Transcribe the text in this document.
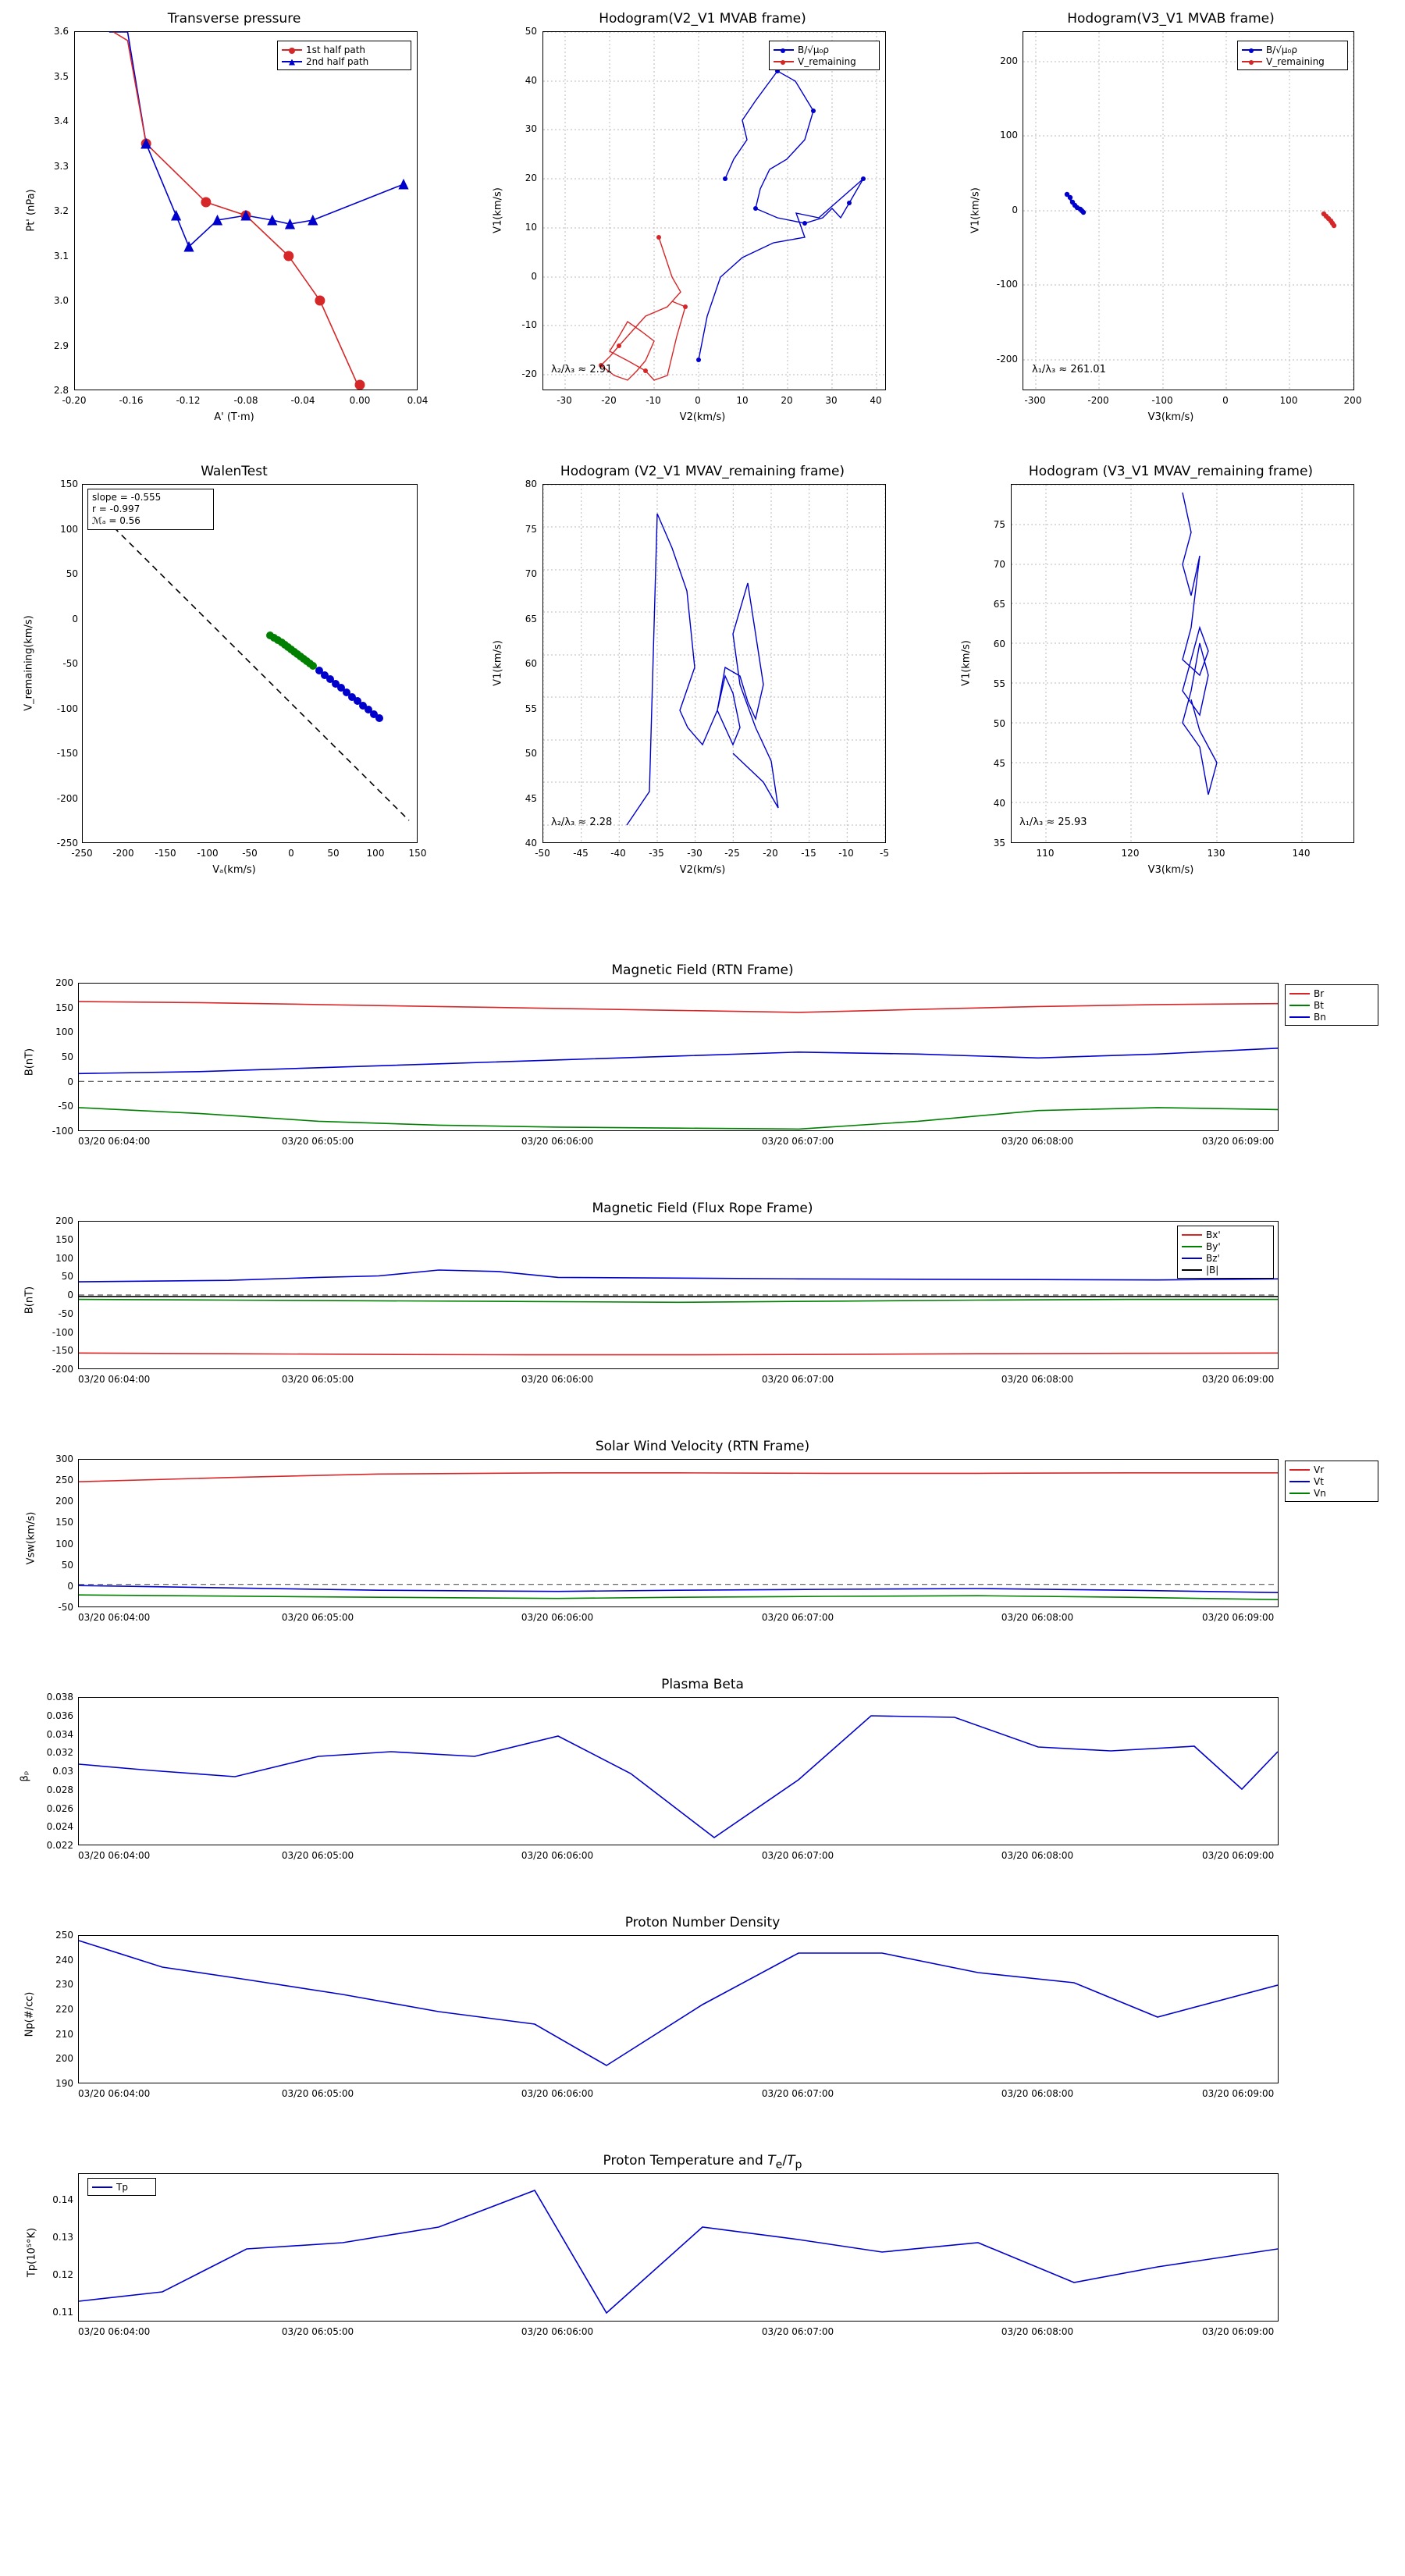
Transverse pressure
1st half path
2nd half path
2.8
2.9
3.0
3.1
3.2
3.3
3.4
3.5
3.6
-0.20	-0.16	-0.12	-0.08	-0.04	0.00	0.04
A' (T·m)
Pt' (nPa)
Hodogram(V2_V1 MVAB frame)
B/√μ₀ρ
V_remaining
λ₂/λ₃ ≈ 2.91
-20
-10
0
10
20
30
40
50
-30	-20	-10	0	10	20	30	40
V2(km/s)
V1(km/s)
Hodogram(V3_V1 MVAB frame)
B/√μ₀ρ
V_remaining
λ₁/λ₃ ≈ 261.01
-200
-100
0
100
200
-300	-200	-100	0	100	200
V3(km/s)
V1(km/s)
WalenTest
slope = -0.555
r = -0.997
ℳₐ = 0.56
-250
-200
-150
-100
-50
0
50
100
150
-250 -200 -150 -100	-50	0	50	100	150
Vₐ(km/s)
V_remaining(km/s)
Hodogram (V2_V1 MVAV_remaining frame)
λ₂/λ₃ ≈ 2.28
40
45
50
55
60
65
70
75
80
-50 -45 -40 -35 -30 -25 -20 -15 -10	-5
V2(km/s)
V1(km/s)
Hodogram (V3_V1 MVAV_remaining frame)
λ₁/λ₃ ≈ 25.93
35
40
45
50
55
60
65
70
75
110	120	130	140
V3(km/s)
V1(km/s)
Magnetic Field (RTN Frame)
Br
Bt
Bn
-100
-50
0
50
100
150
200
03/20 06:04:00	03/20 06:05:00	03/20 06:06:00	03/20 06:07:00	03/20 06:08:00	03/20 06:09:00
B(nT)
Magnetic Field (Flux Rope Frame)
Bx'
By'
Bz'
|B|
-200
-150
-100
-50
0
50
100
150
200
03/20 06:04:00	03/20 06:05:00	03/20 06:06:00	03/20 06:07:00	03/20 06:08:00	03/20 06:09:00
B(nT)
Solar Wind Velocity (RTN Frame)
Vr
Vt
Vn
-50
0
50
100
150
200
250
300
03/20 06:04:00	03/20 06:05:00	03/20 06:06:00	03/20 06:07:00	03/20 06:08:00	03/20 06:09:00
Vsw(km/s)
Plasma Beta
0.022
0.024
0.026
0.028
0.03
0.032
0.034
0.036
0.038
03/20 06:04:00	03/20 06:05:00	03/20 06:06:00	03/20 06:07:00	03/20 06:08:00	03/20 06:09:00
βₚ
Proton Number Density
190
200
210
220
230
240
250
03/20 06:04:00	03/20 06:05:00	03/20 06:06:00	03/20 06:07:00	03/20 06:08:00	03/20 06:09:00
Np(#/cc)
Proton Temperature and $T_e/T_p$
Tp
0.11
0.12
0.13
0.14
03/20 06:04:00	03/20 06:05:00	03/20 06:06:00	03/20 06:07:00	03/20 06:08:00	03/20 06:09:00
Tp(10⁵°K)
